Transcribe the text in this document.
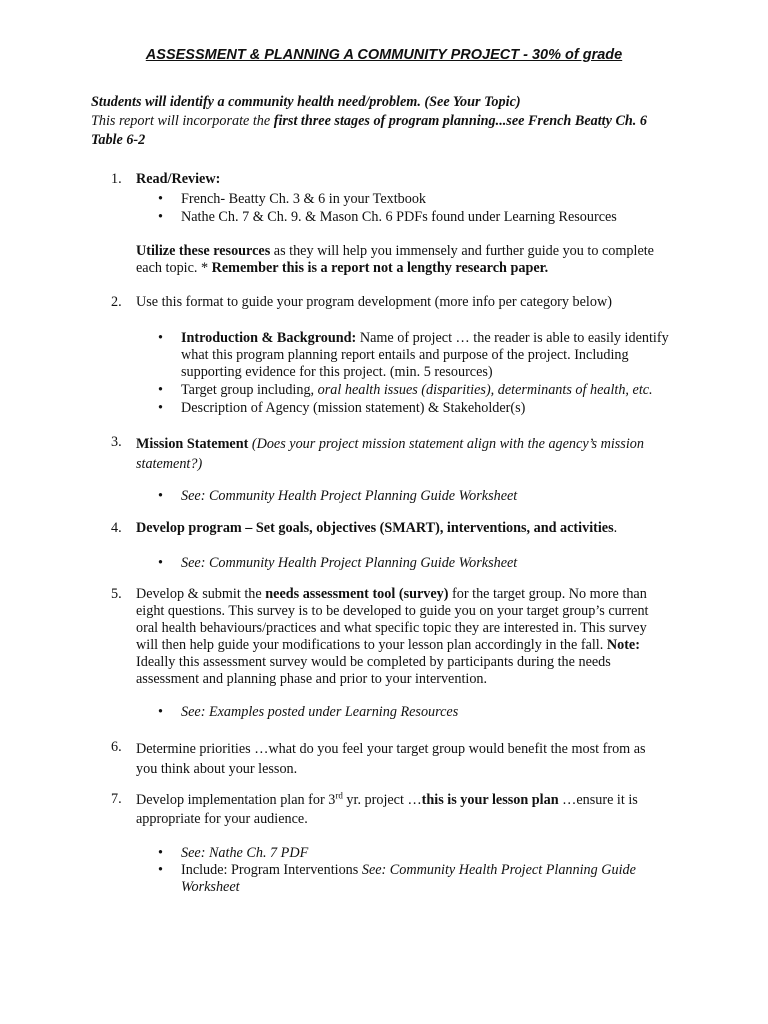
ASSESSMENT & PLANNING A COMMUNITY PROJECT - 30% of grade
Students will identify a community health need/problem. (See Your Topic)
This report will incorporate the first three stages of program planning...see French Beatty Ch. 6
Table 6-2
1. Read/Review:
• French- Beatty Ch. 3 & 6 in your Textbook
• Nathe Ch. 7 & Ch. 9. & Mason Ch. 6 PDFs found under Learning Resources
Utilize these resources as they will help you immensely and further guide you to complete
each topic. * Remember this is a report not a lengthy research paper.
2. Use this format to guide your program development (more info per category below)
• Introduction & Background: Name of project … the reader is able to easily identify
what this program planning report entails and purpose of the project. Including
supporting evidence for this project. (min. 5 resources)
• Target group including, oral health issues (disparities), determinants of health, etc.
• Description of Agency (mission statement) & Stakeholder(s)
3. Mission Statement (Does your project mission statement align with the agency’s mission
statement?)
• See: Community Health Project Planning Guide Worksheet
4. Develop program – Set goals, objectives (SMART), interventions, and activities.
• See: Community Health Project Planning Guide Worksheet
5. Develop & submit the needs assessment tool (survey) for the target group. No more than
eight questions. This survey is to be developed to guide you on your target group’s current
oral health behaviours/practices and what specific topic they are interested in. This survey
will then help guide your modifications to your lesson plan accordingly in the fall. Note:
Ideally this assessment survey would be completed by participants during the needs
assessment and planning phase and prior to your intervention.
• See: Examples posted under Learning Resources
6. Determine priorities …what do you feel your target group would benefit the most from as
you think about your lesson.
7. Develop implementation plan for 3rd yr. project …this is your lesson plan …ensure it is
appropriate for your audience.
• See: Nathe Ch. 7 PDF
• Include: Program Interventions See: Community Health Project Planning Guide
Worksheet
